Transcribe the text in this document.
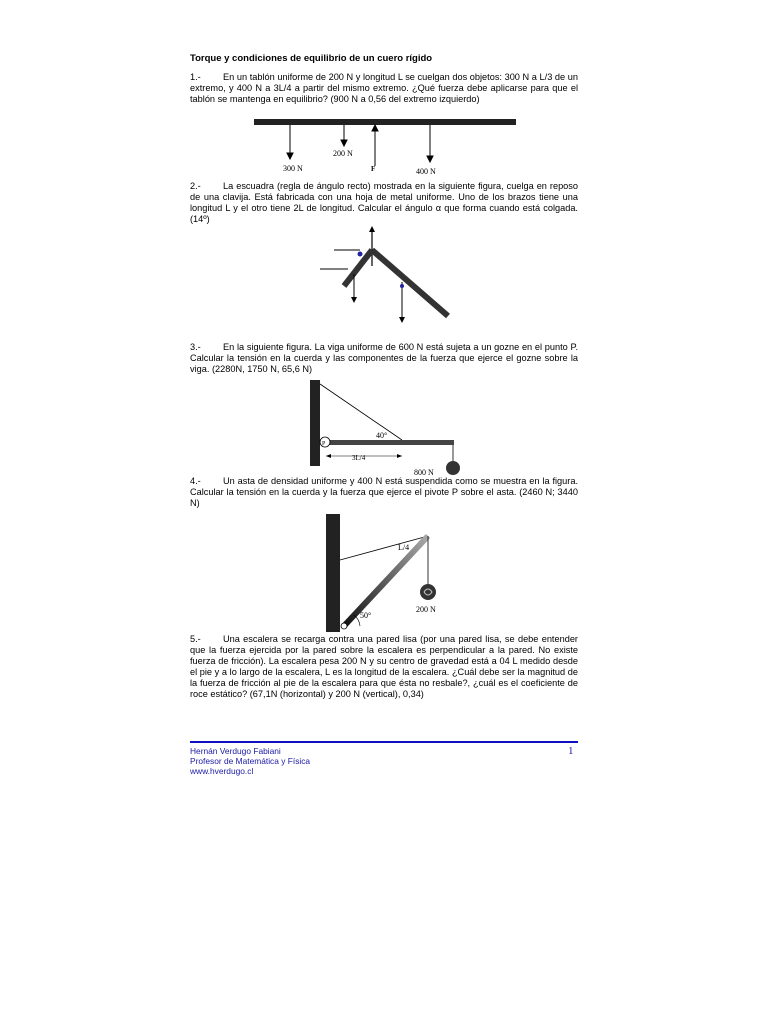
Torque y condiciones de equilibrio de un cuero rígido

1.- En un tablón uniforme de 200 N y longitud L se cuelgan dos objetos: 300 N a L/3 de un extremo, y 400 N a 3L/4 a partir del mismo extremo. ¿Qué fuerza debe aplicarse para que el tablón se mantenga en equilibrio? (900 N a 0,56 del extremo izquierdo)

300 N
200 N
F	400 N

2.- La escuadra (regla de ángulo recto) mostrada en la siguiente figura, cuelga en reposo de una clavija. Está fabricada con una hoja de metal uniforme. Uno de los brazos tiene una longitud L y el otro tiene 2L de longitud. Calcular el ángulo α que forma cuando está colgada. (14º)

3.- En la siguiente figura. La viga uniforme de 600 N está sujeta a un gozne en el punto P. Calcular la tensión en la cuerda y las componentes de la fuerza que ejerce el gozne sobre la viga. (2280N, 1750 N, 65,6 N)

P
40°
3L/4
800 N

4.- Un asta de densidad uniforme y 400 N está suspendida como se muestra en la figura. Calcular la tensión en la cuerda y la fuerza que ejerce el pivote P sobre el asta. (2460 N; 3440 N)

50°
L/4
200 N

5.- Una escalera se recarga contra una pared lisa (por una pared lisa, se debe entender que la fuerza ejercida por la pared sobre la escalera es perpendicular a la pared. No existe fuerza de fricción). La escalera pesa 200 N y su centro de gravedad está a 04 L medido desde el pie y a lo largo de la escalera, L es la longitud de la escalera. ¿Cuál debe ser la magnitud de la fuerza de fricción al pie de la escalera para que ésta no resbale?, ¿cuál es el coeficiente de roce estático? (67,1N (horizontal) y 200 N (vertical), 0,34)

Hernán Verdugo Fabiani
Profesor de Matemática y Física
www.hverdugo.cl
1
